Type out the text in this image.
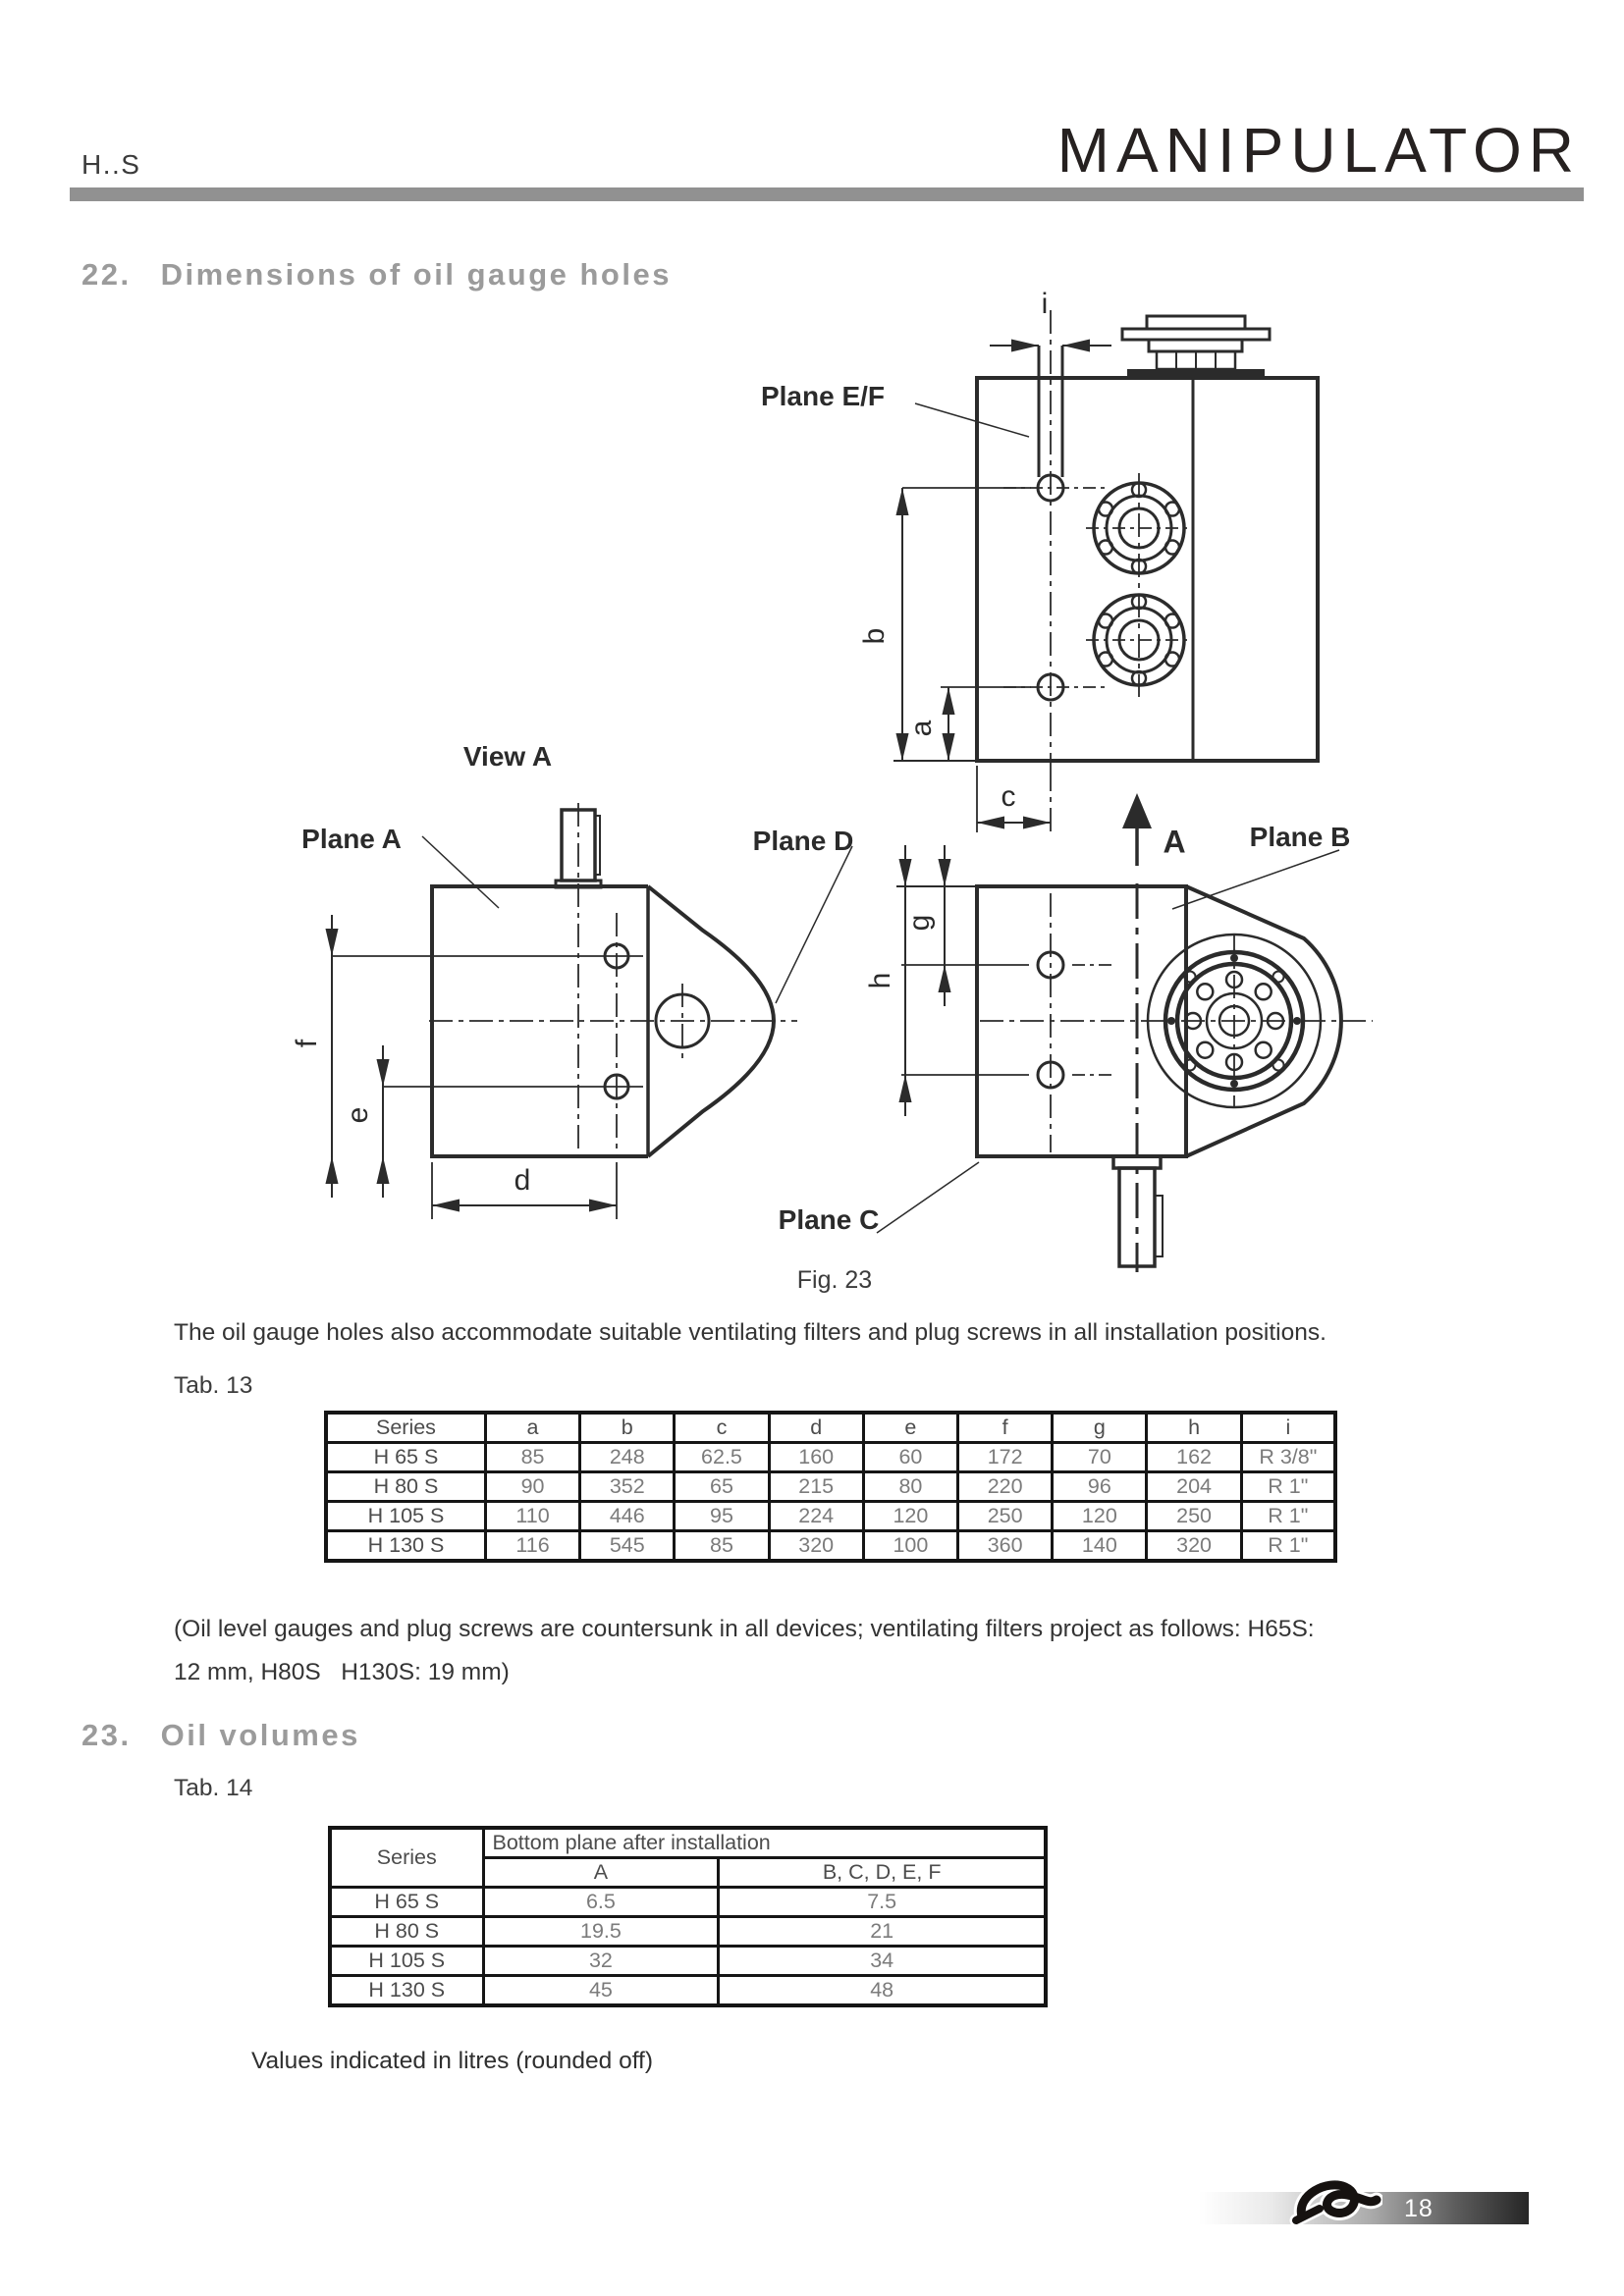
H..S	MANIPULATOR
22. Dimensions of oil gauge holes
Plane E/F
View A
Plane A	Plane D	Plane B
Plane C
A
i
b
a
c
g
h
f
e
d
Fig. 23
The oil gauge holes also accommodate suitable ventilating filters and plug screws in all installation positions.
Tab. 13
Series	a	b	c	d	e	f	g	h	i
H 65 S	85	248	62.5	160	60	172	70	162	R 3/8"
H 80 S	90	352	65	215	80	220	96	204	R 1"
H 105 S	110	446	95	224	120	250	120	250	R 1"
H 130 S	116	545	85	320	100	360	140	320	R 1"
(Oil level gauges and plug screws are countersunk in all devices; ventilating filters project as follows: H65S:
12 mm, H80S   H130S: 19 mm)
23. Oil volumes
Tab. 14
Series	Bottom plane after installation	
	A	B, C, D, E, F
H 65 S	6.5	7.5
H 80 S	19.5	21
H 105 S	32	34
H 130 S	45	48
Values indicated in litres (rounded off)
18
